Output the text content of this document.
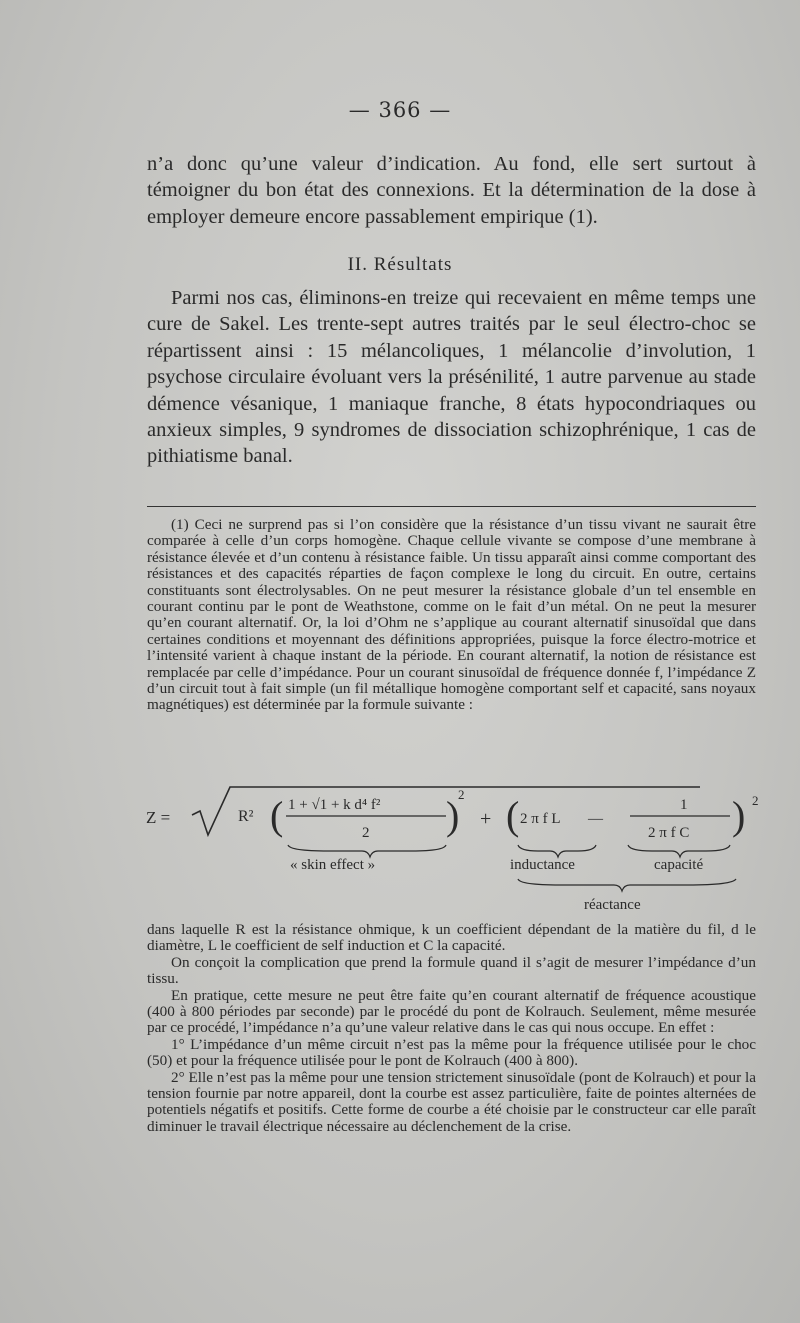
— 366 —

n’a donc qu’une valeur d’indication. Au fond, elle sert surtout à témoigner du bon état des connexions. Et la détermination de la dose à employer demeure encore passablement empirique (1).

II. Résultats

Parmi nos cas, éliminons-en treize qui recevaient en même temps une cure de Sakel. Les trente-sept autres traités par le seul électro-choc se répartissent ainsi : 15 mélancoliques, 1 mélancolie d’involution, 1 psychose circulaire évoluant vers la présénilité, 1 autre parvenue au stade démence vésanique, 1 maniaque franche, 8 états hypocondriaques ou anxieux simples, 9 syndromes de dissociation schizophrénique, 1 cas de pithiatisme banal.

(1) Ceci ne surprend pas si l’on considère que la résistance d’un tissu vivant ne saurait être comparée à celle d’un corps homogène. Chaque cellule vivante se compose d’une membrane à résistance élevée et d’un contenu à résistance faible. Un tissu apparaît ainsi comme comportant des résistances et des capacités réparties de façon complexe le long du circuit. En outre, certains constituants sont électrolysables. On ne peut mesurer la résistance globale d’un tel ensemble en courant continu par le pont de Weathstone, comme on le fait d’un métal. On ne peut la mesurer qu’en courant alternatif. Or, la loi d’Ohm ne s’applique au courant alternatif sinusoïdal que dans certaines conditions et moyennant des définitions appropriées, puisque la force électro-motrice et l’intensité varient à chaque instant de la période. En courant alternatif, la notion de résistance est remplacée par celle d’impédance. Pour un courant sinusoïdal de fréquence donnée f, l’impédance Z d’un circuit tout à fait simple (un fil métallique homogène comportant self et capacité, sans noyaux magnétiques) est déterminée par la formule suivante :

Z =	R² ( 1 + √1 + k d⁴ f²
2 )
2
+ ( 2 π f L —
1
2 π f C ) 2
« skin effect »	inductance	capacité
réactance

dans laquelle R est la résistance ohmique, k un coefficient dépendant de la matière du fil, d le diamètre, L le coefficient de self induction et C la capacité.

On conçoit la complication que prend la formule quand il s’agit de mesurer l’impédance d’un tissu.

En pratique, cette mesure ne peut être faite qu’en courant alternatif de fréquence acoustique (400 à 800 périodes par seconde) par le procédé du pont de Kolrauch. Seulement, même mesurée par ce procédé, l’impédance n’a qu’une valeur relative dans le cas qui nous occupe. En effet :

1° L’impédance d’un même circuit n’est pas la même pour la fréquence utilisée pour le choc (50) et pour la fréquence utilisée pour le pont de Kolrauch (400 à 800).

2° Elle n’est pas la même pour une tension strictement sinusoïdale (pont de Kolrauch) et pour la tension fournie par notre appareil, dont la courbe est assez particulière, faite de pointes alternées de potentiels négatifs et positifs. Cette forme de courbe a été choisie par le constructeur car elle paraît diminuer le travail électrique nécessaire au déclenchement de la crise.
